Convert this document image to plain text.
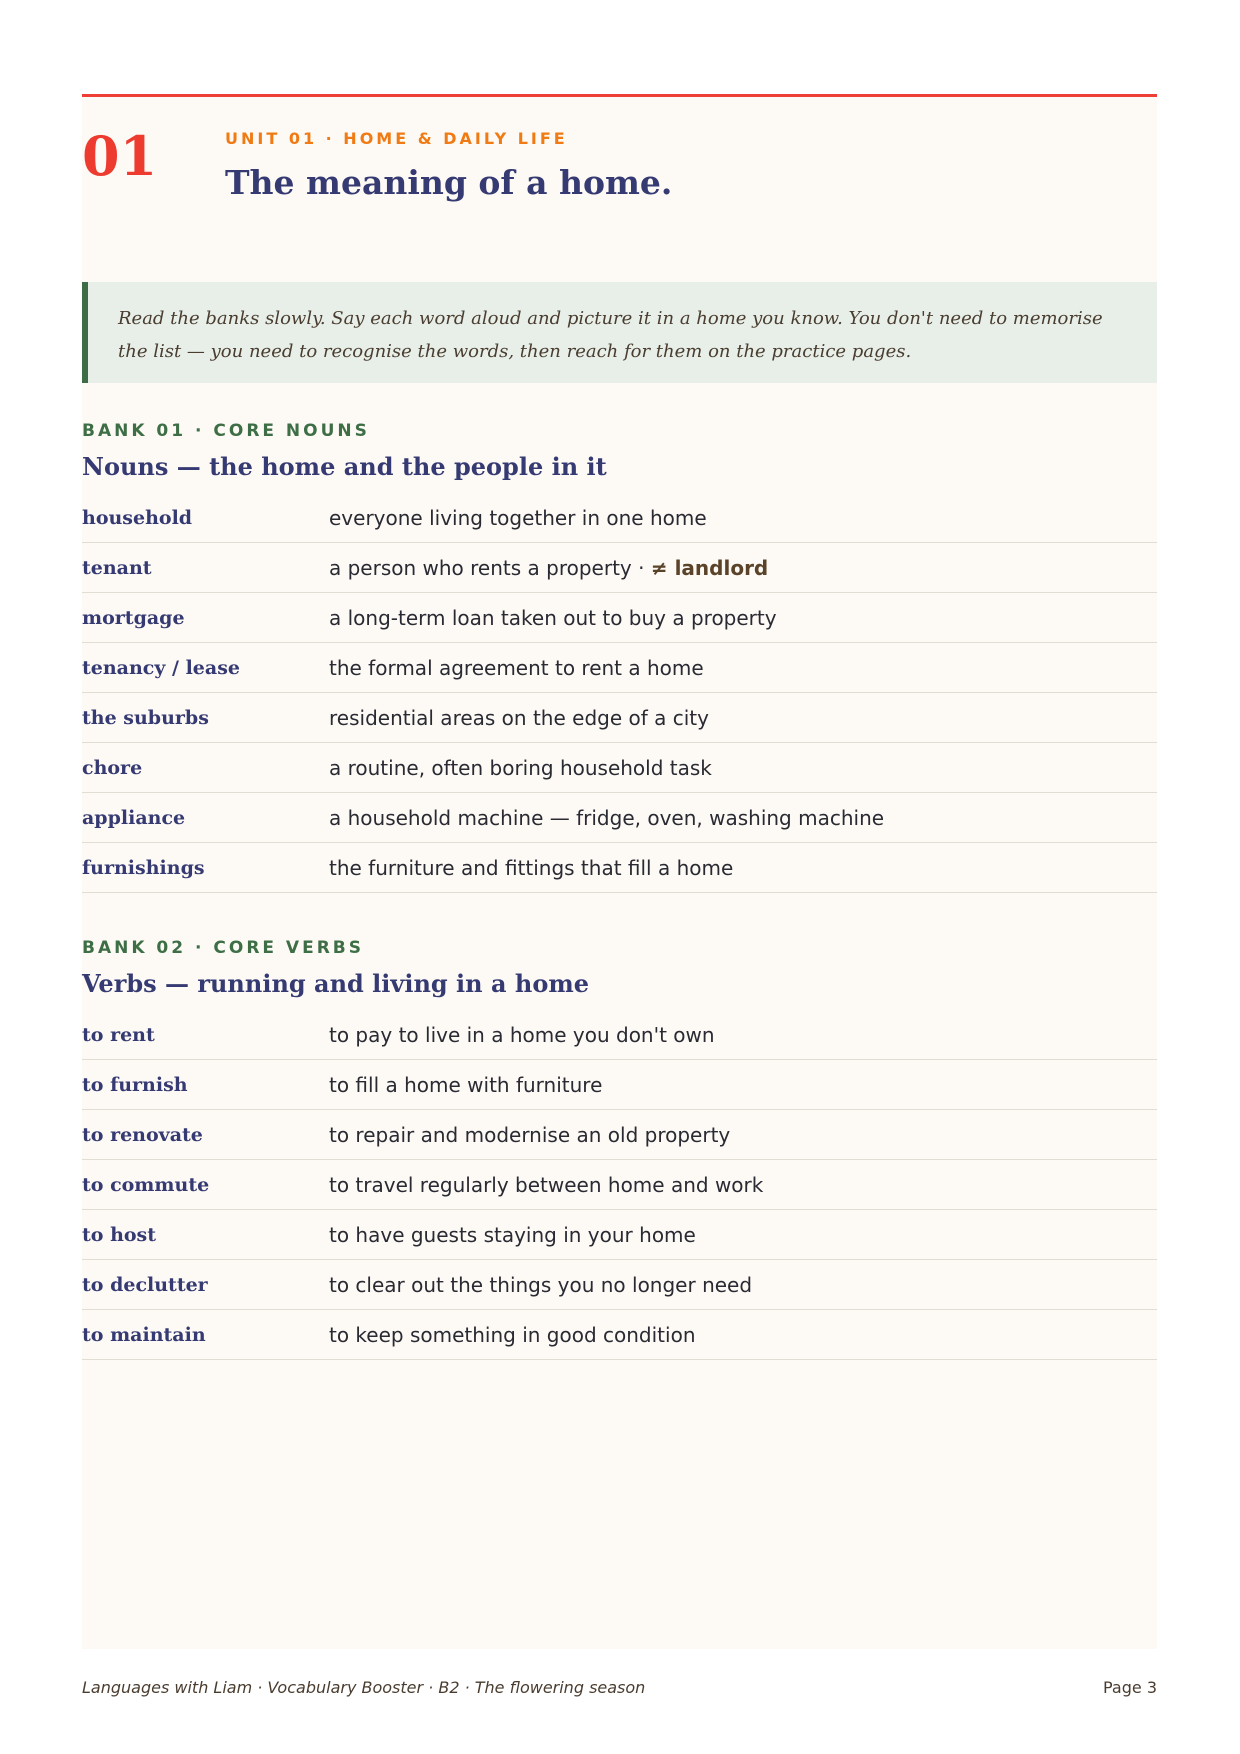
01	UNIT 01 · HOME & DAILY LIFE
The meaning of a home.
Read the banks slowly. Say each word aloud and picture it in a home you know. You don't need to memorise the list — you need to recognise the words, then reach for them on the practice pages.
BANK 01 · CORE NOUNS
Nouns — the home and the people in it
household	everyone living together in one home
tenant	a person who rents a property · ≠ landlord
mortgage	a long-term loan taken out to buy a property
tenancy / lease	the formal agreement to rent a home
the suburbs	residential areas on the edge of a city
chore	a routine, often boring household task
appliance	a household machine — fridge, oven, washing machine
furnishings	the furniture and fittings that fill a home
BANK 02 · CORE VERBS
Verbs — running and living in a home
to rent	to pay to live in a home you don't own
to furnish	to fill a home with furniture
to renovate	to repair and modernise an old property
to commute	to travel regularly between home and work
to host	to have guests staying in your home
to declutter	to clear out the things you no longer need
to maintain	to keep something in good condition
Languages with Liam · Vocabulary Booster · B2 · The flowering season	Page 3
